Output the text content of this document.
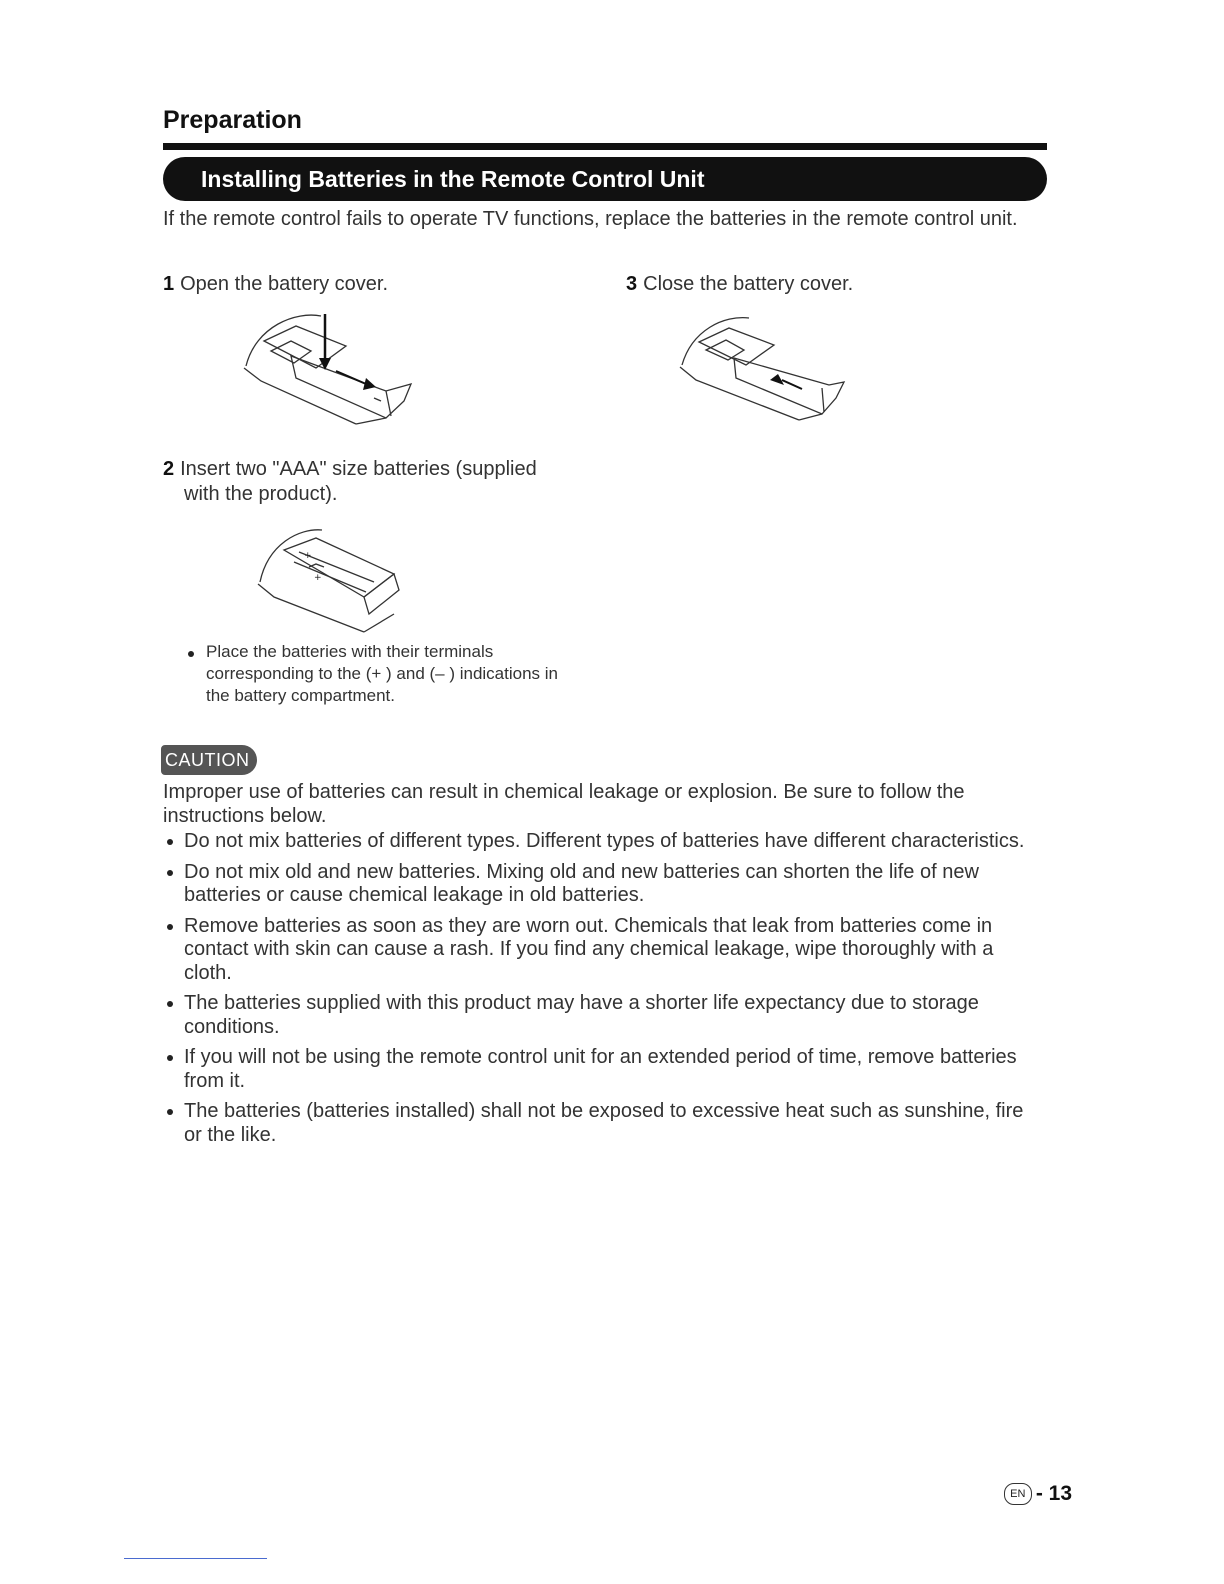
Preparation
Installing Batteries in the Remote Control Unit
If the remote control fails to operate TV functions, replace the batteries in the remote control unit.
1 Open the battery cover.	3 Close the battery cover.
2 Insert two "AAA" size batteries (supplied
with the product).
+
+
Place the batteries with their terminals corresponding to the (+ ) and (– ) indications in the battery compartment.
CAUTION
Improper use of batteries can result in chemical leakage or explosion. Be sure to follow the instructions below.
Do not mix batteries of different types. Different types of batteries have different characteristics.
Do not mix old and new batteries. Mixing old and new batteries can shorten the life of new batteries or cause chemical leakage in old batteries.
Remove batteries as soon as they are worn out. Chemicals that leak from batteries come in contact with skin can cause a rash. If you find any chemical leakage, wipe thoroughly with a cloth.
The batteries supplied with this product may have a shorter life expectancy due to storage conditions.
If you will not be using the remote control unit for an extended period of time, remove batteries from it.
The batteries (batteries installed) shall not be exposed to excessive heat such as sunshine, fire or the like.
EN - 13
